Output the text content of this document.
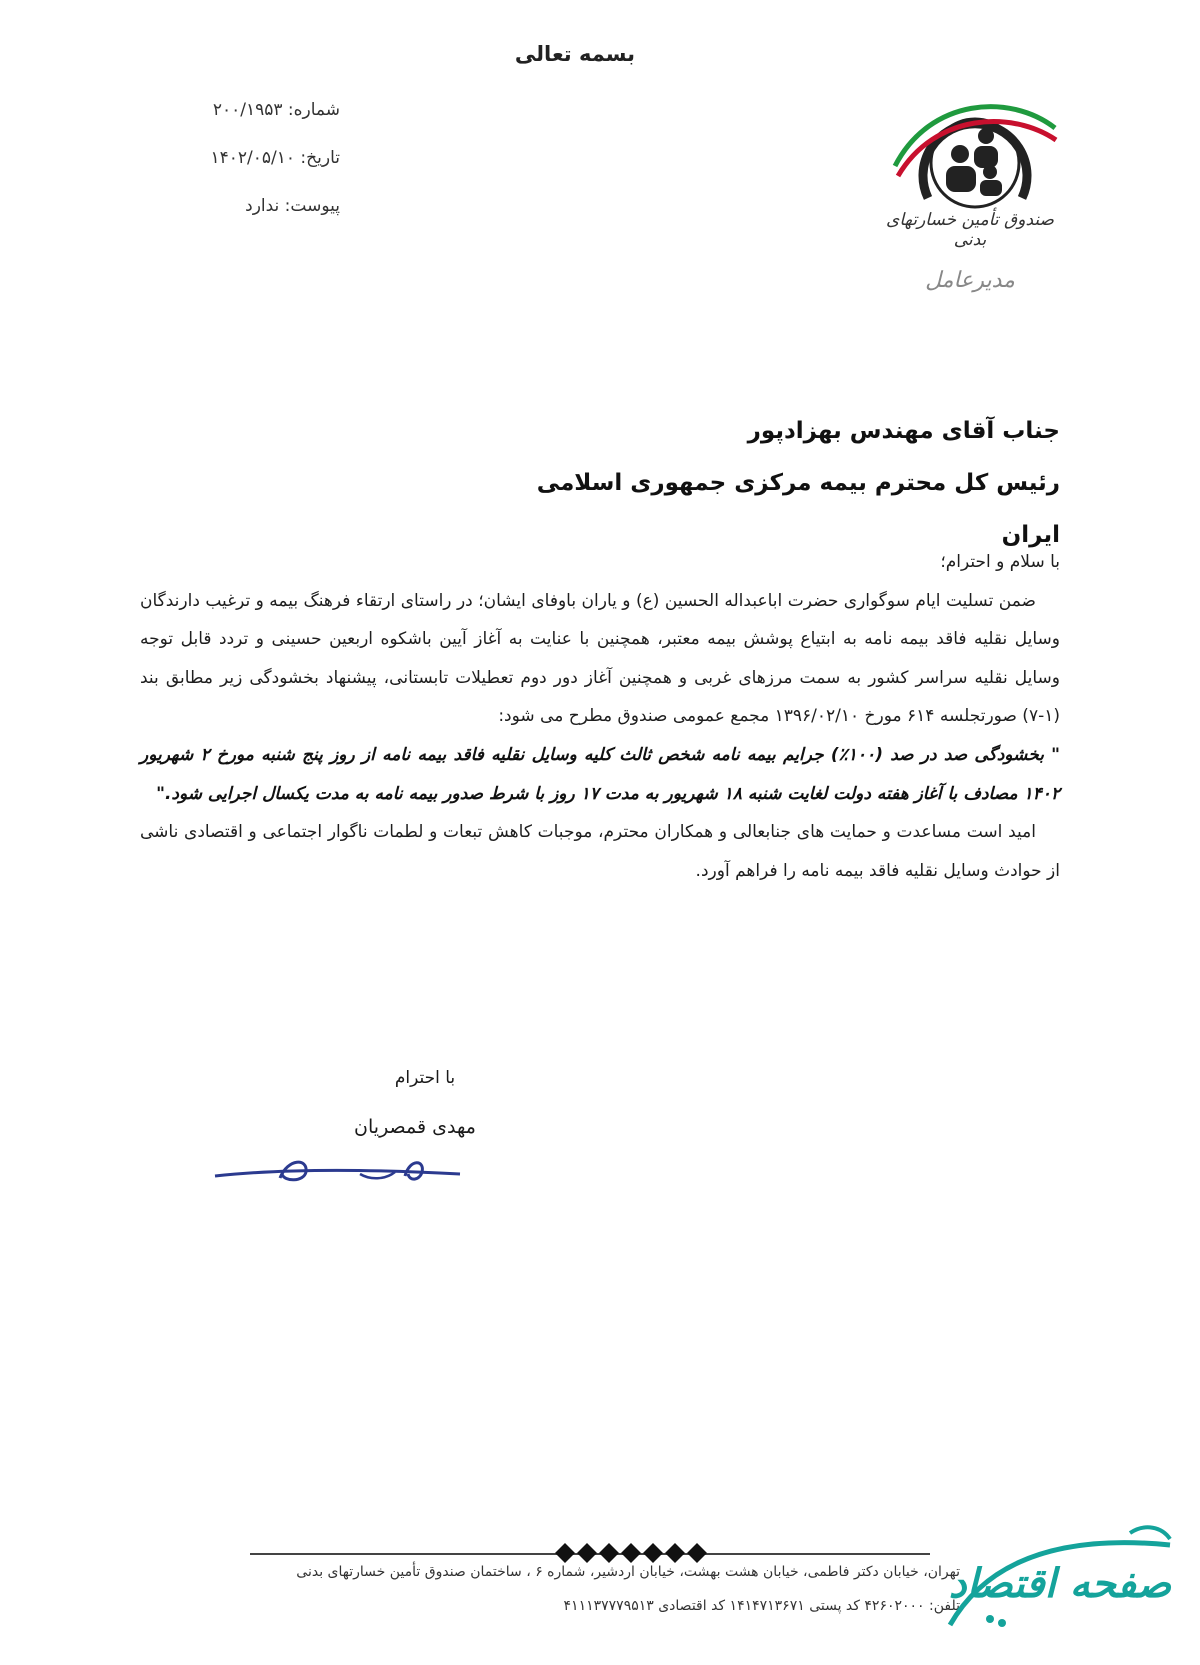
بسمه تعالی
شماره: ۲۰۰/۱۹۵۳
تاریخ: ۱۴۰۲/۰۵/۱۰
پیوست: ندارد
صندوق تأمین خسارتهای بدنی
مدیرعامل
جناب آقای مهندس بهزادپور
رئیس کل محترم بیمه مرکزی جمهوری اسلامی ایران

با سلام و احترام؛

ضمن تسلیت ایام سوگواری حضرت اباعبداله الحسین (ع) و یاران باوفای ایشان؛ در راستای ارتقاء فرهنگ بیمه و ترغیب دارندگان وسایل نقلیه فاقد بیمه نامه به ابتیاع پوشش بیمه معتبر، همچنین با عنایت به آغاز آیین باشکوه اربعین حسینی و تردد قابل توجه وسایل نقلیه سراسر کشور به سمت مرزهای غربی و همچنین آغاز دور دوم تعطیلات تابستانی، پیشنهاد بخشودگی زیر مطابق بند (۱-۷) صورتجلسه ۶۱۴ مورخ ۱۳۹۶/۰۲/۱۰ مجمع عمومی صندوق مطرح می شود:

" بخشودگی صد در صد (۱۰۰٪) جرایم بیمه نامه شخص ثالث کلیه وسایل نقلیه فاقد بیمه نامه از روز پنج شنبه مورخ ۲ شهریور ۱۴۰۲ مصادف با آغاز هفته دولت لغایت شنبه ۱۸ شهریور به مدت ۱۷ روز با شرط صدور بیمه نامه به مدت یکسال اجرایی شود."

امید است مساعدت و حمایت های جنابعالی و همکاران محترم، موجبات کاهش تبعات و لطمات ناگوار اجتماعی و اقتصادی ناشی از حوادث وسایل نقلیه فاقد بیمه نامه را فراهم آورد.

با احترام
مهدی قمصریان
تهران، خیابان دکتر فاطمی، خیابان هشت بهشت، خیابان اردشیر، شماره ۶ ، ساختمان صندوق تأمین خسارتهای بدنی
تلفن: ۴۲۶۰۲۰۰۰ کد پستی ۱۴۱۴۷۱۳۶۷۱ کد اقتصادی ۴۱۱۱۳۷۷۷۹۵۱۳
صفحه اقتصاد
